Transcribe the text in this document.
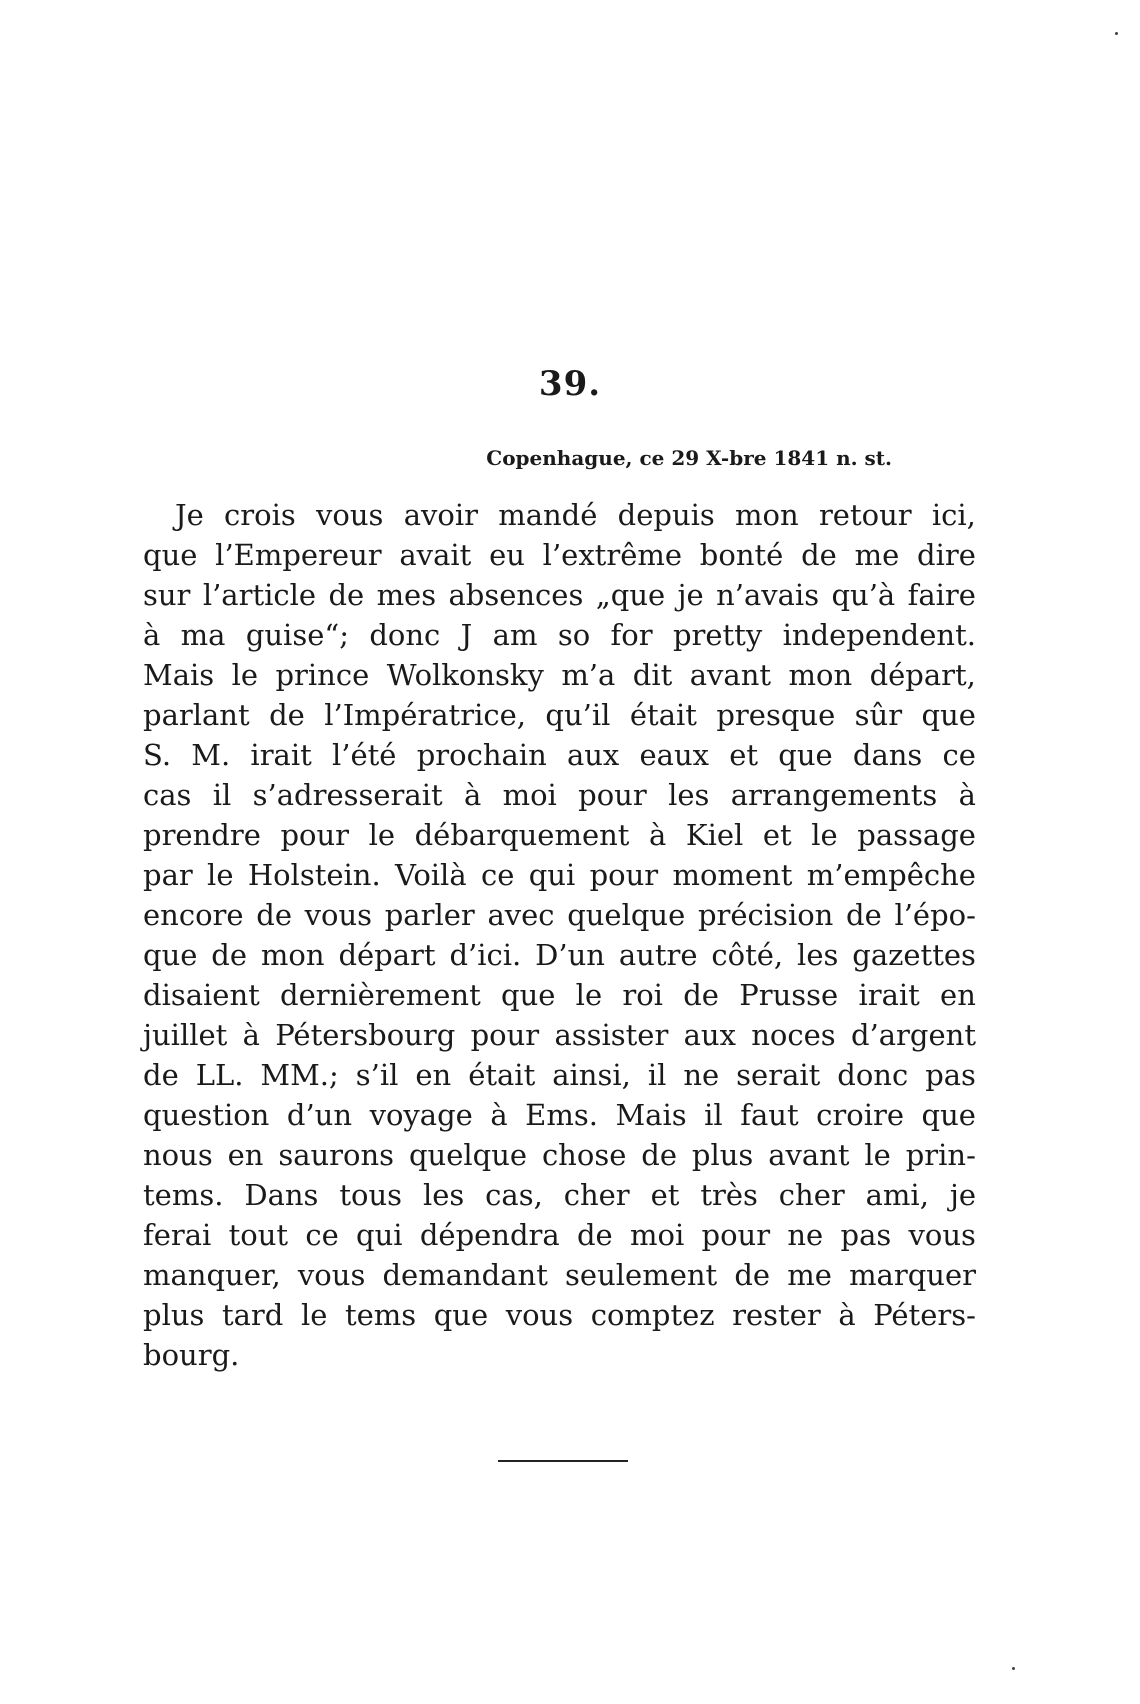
39.
Copenhague, ce 29 X-bre 1841 n. st.
Je crois vous avoir mandé depuis mon retour ici,
que l’Empereur avait eu l’extrême bonté de me dire
sur l’article de mes absences „que je n’avais qu’à faire
à ma guise“; donc J am so for pretty independent.
Mais le prince Wolkonsky m’a dit avant mon départ,
parlant de l’Impératrice, qu’il était presque sûr que
S. M. irait l’été prochain aux eaux et que dans ce
cas il s’adresserait à moi pour les arrangements à
prendre pour le débarquement à Kiel et le passage
par le Holstein. Voilà ce qui pour moment m’empêche
encore de vous parler avec quelque précision de l’épo-
que de mon départ d’ici. D’un autre côté, les gazettes
disaient dernièrement que le roi de Prusse irait en
juillet à Pétersbourg pour assister aux noces d’argent
de LL. MM.; s’il en était ainsi, il ne serait donc pas
question d’un voyage à Ems. Mais il faut croire que
nous en saurons quelque chose de plus avant le prin-
tems. Dans tous les cas, cher et très cher ami, je
ferai tout ce qui dépendra de moi pour ne pas vous
manquer, vous demandant seulement de me marquer
plus tard le tems que vous comptez rester à Péters-
bourg.
